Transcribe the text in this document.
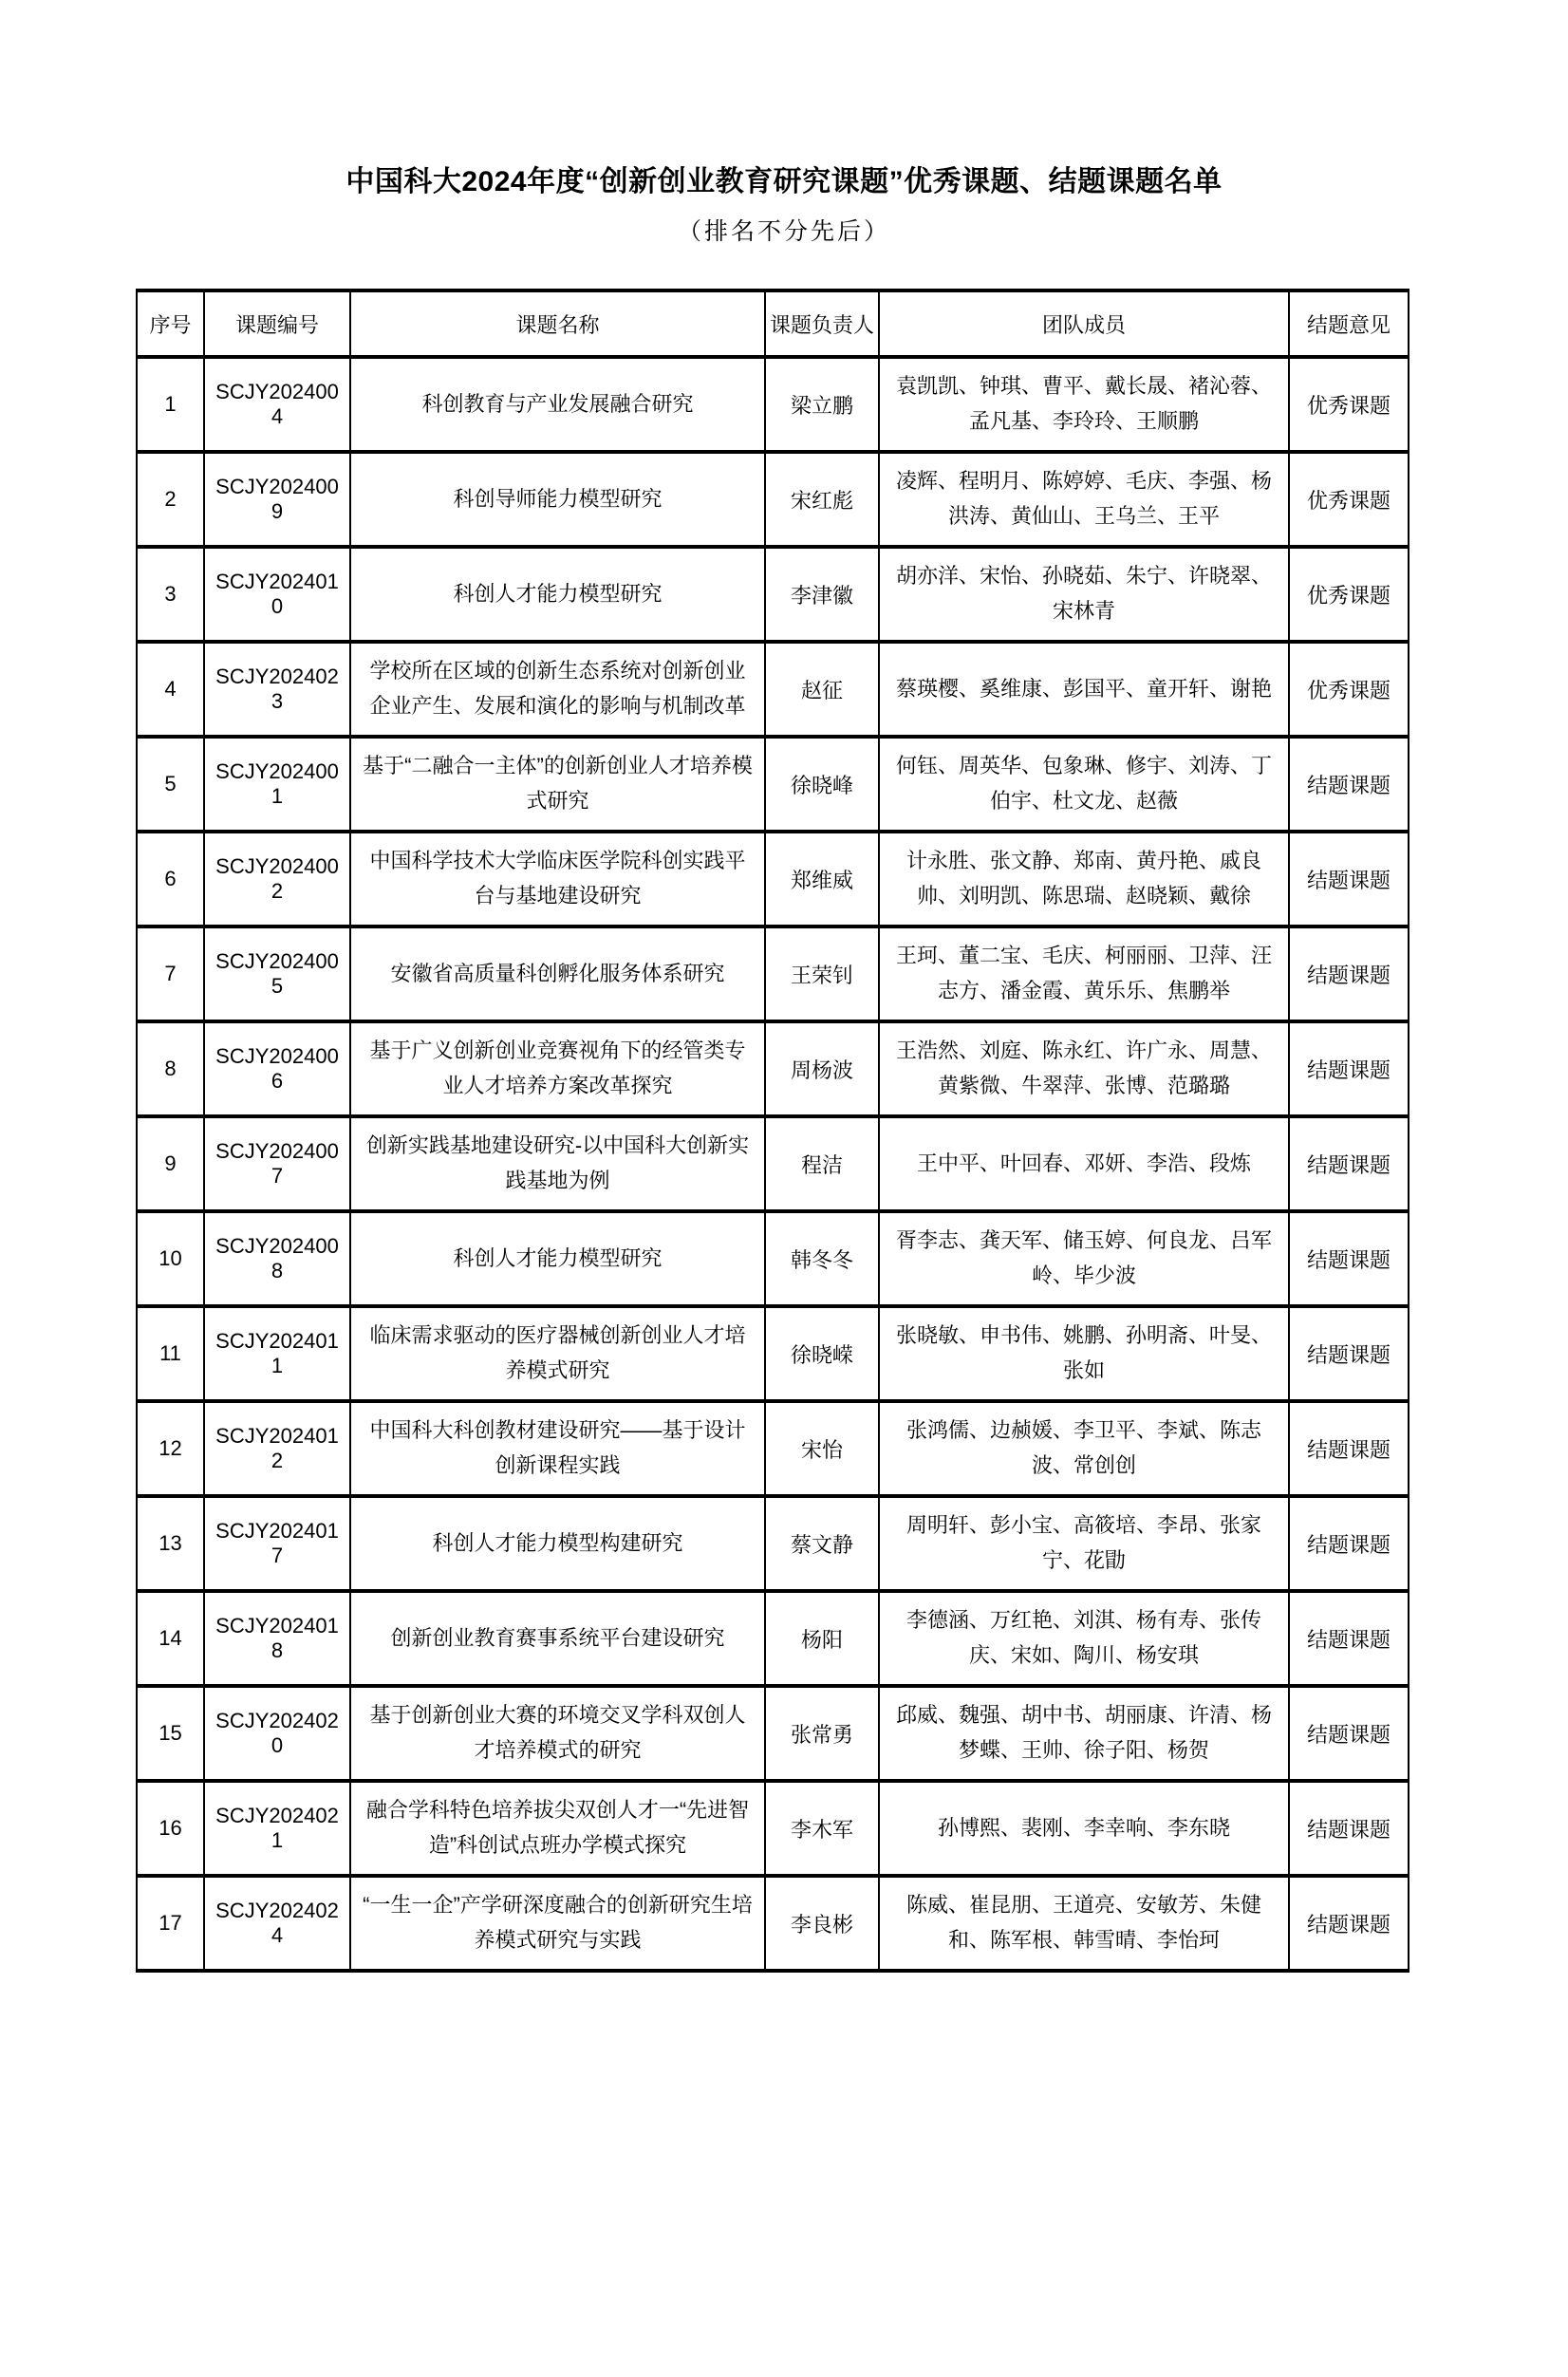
中国科大2024年度“创新创业教育研究课题”优秀课题、结题课题名单
（排名不分先后）
序号	课题编号	课题名称	课题负责人	团队成员	结题意见
1	SCJY2024004	科创教育与产业发展融合研究	梁立鹏	袁凯凯、钟琪、曹平、戴长晟、褚沁蓉、孟凡基、李玲玲、王顺鹏	优秀课题
2	SCJY2024009	科创导师能力模型研究	宋红彪	凌辉、程明月、陈婷婷、毛庆、李强、杨洪涛、黄仙山、王乌兰、王平	优秀课题
3	SCJY2024010	科创人才能力模型研究	李津徽	胡亦洋、宋怡、孙晓茹、朱宁、许晓翠、宋林青	优秀课题
4	SCJY2024023	学校所在区域的创新生态系统对创新创业企业产生、发展和演化的影响与机制改革	赵征	蔡瑛樱、奚维康、彭国平、童开轩、谢艳	优秀课题
5	SCJY2024001	基于“二融合一主体”的创新创业人才培养模式研究	徐晓峰	何钰、周英华、包象琳、修宇、刘涛、丁伯宇、杜文龙、赵薇	结题课题
6	SCJY2024002	中国科学技术大学临床医学院科创实践平台与基地建设研究	郑维威	计永胜、张文静、郑南、黄丹艳、戚良帅、刘明凯、陈思瑞、赵晓颖、戴徐	结题课题
7	SCJY2024005	安徽省高质量科创孵化服务体系研究	王荣钊	王珂、董二宝、毛庆、柯丽丽、卫萍、汪志方、潘金霞、黄乐乐、焦鹏举	结题课题
8	SCJY2024006	基于广义创新创业竞赛视角下的经管类专业人才培养方案改革探究	周杨波	王浩然、刘庭、陈永红、许广永、周慧、黄紫微、牛翠萍、张博、范璐璐	结题课题
9	SCJY2024007	创新实践基地建设研究-以中国科大创新实践基地为例	程洁	王中平、叶回春、邓妍、李浩、段炼	结题课题
10	SCJY2024008	科创人才能力模型研究	韩冬冬	胥李志、龚天军、储玉婷、何良龙、吕军岭、毕少波	结题课题
11	SCJY2024011	临床需求驱动的医疗器械创新创业人才培养模式研究	徐晓嵘	张晓敏、申书伟、姚鹏、孙明斋、叶旻、张如	结题课题
12	SCJY2024012	中国科大科创教材建设研究——基于设计创新课程实践	宋怡	张鸿儒、边赪媛、李卫平、李斌、陈志波、常创创	结题课题
13	SCJY2024017	科创人才能力模型构建研究	蔡文静	周明轩、彭小宝、高筱培、李昂、张家宁、花勖	结题课题
14	SCJY2024018	创新创业教育赛事系统平台建设研究	杨阳	李德涵、万红艳、刘淇、杨有寿、张传庆、宋如、陶川、杨安琪	结题课题
15	SCJY2024020	基于创新创业大赛的环境交叉学科双创人才培养模式的研究	张常勇	邱威、魏强、胡中书、胡丽康、许清、杨梦蝶、王帅、徐子阳、杨贺	结题课题
16	SCJY2024021	融合学科特色培养拔尖双创人才一“先进智造”科创试点班办学模式探究	李木军	孙博熙、裴刚、李幸响、李东晓	结题课题
17	SCJY2024024	“一生一企”产学研深度融合的创新研究生培养模式研究与实践	李良彬	陈威、崔昆朋、王道亮、安敏芳、朱健和、陈军根、韩雪晴、李怡珂	结题课题
